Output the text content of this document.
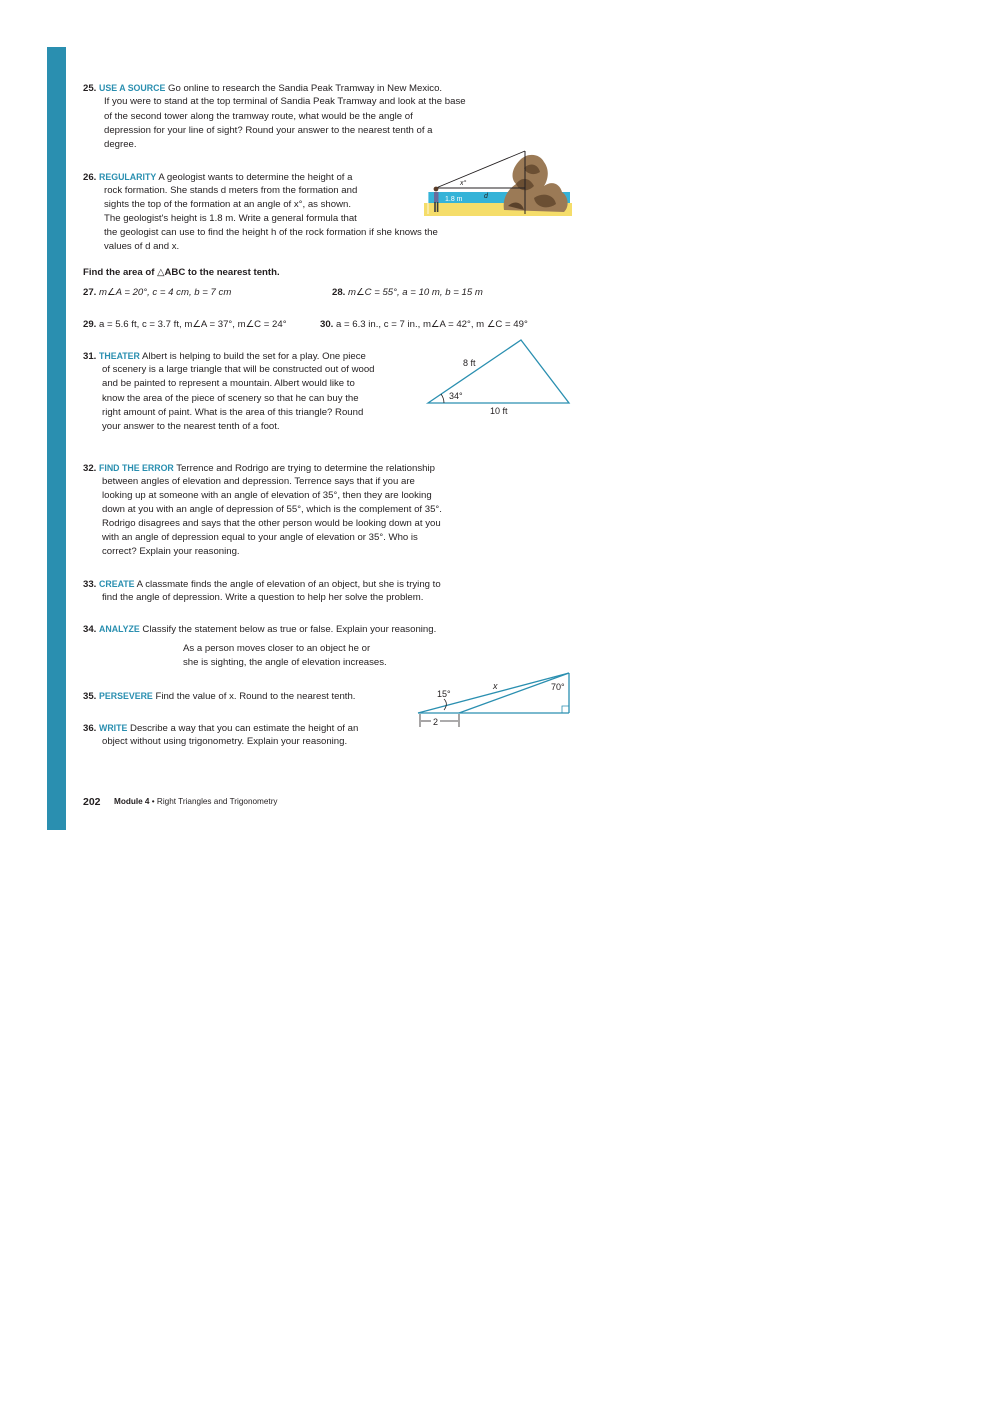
25. USE A SOURCE Go online to research the Sandia Peak Tramway in New Mexico.
If you were to stand at the top terminal of Sandia Peak Tramway and look at the base
of the second tower along the tramway route, what would be the angle of
depression for your line of sight? Round your answer to the nearest tenth of a
degree.
26. REGULARITY A geologist wants to determine the height of a
rock formation. She stands d meters from the formation and
sights the top of the formation at an angle of x°, as shown.
The geologist's height is 1.8 m. Write a general formula that
the geologist can use to find the height h of the rock formation if she knows the
values of d and x.
x°
1.8 m	d
Find the area of △ABC to the nearest tenth.
27. m∠A = 20°, c = 4 cm, b = 7 cm	28. m∠C = 55°, a = 10 m, b = 15 m
29. a = 5.6 ft, c = 3.7 ft, m∠A = 37°, m∠C = 24°	30. a = 6.3 in., c = 7 in., m∠A = 42°, m ∠C = 49°
31. THEATER Albert is helping to build the set for a play. One piece
of scenery is a large triangle that will be constructed out of wood
and be painted to represent a mountain. Albert would like to
know the area of the piece of scenery so that he can buy the
right amount of paint. What is the area of this triangle? Round
your answer to the nearest tenth of a foot.
8 ft
34°
10 ft
32. FIND THE ERROR Terrence and Rodrigo are trying to determine the relationship
between angles of elevation and depression. Terrence says that if you are
looking up at someone with an angle of elevation of 35°, then they are looking
down at you with an angle of depression of 55°, which is the complement of 35°.
Rodrigo disagrees and says that the other person would be looking down at you
with an angle of depression equal to your angle of elevation or 35°. Who is
correct? Explain your reasoning.
33. CREATE A classmate finds the angle of elevation of an object, but she is trying to
find the angle of depression. Write a question to help her solve the problem.
34. ANALYZE Classify the statement below as true or false. Explain your reasoning.
As a person moves closer to an object he or
she is sighting, the angle of elevation increases.
35. PERSEVERE Find the value of x. Round to the nearest tenth.	15°
x	70°
2
36. WRITE Describe a way that you can estimate the height of an
object without using trigonometry. Explain your reasoning.
202 Module 4 • Right Triangles and Trigonometry
